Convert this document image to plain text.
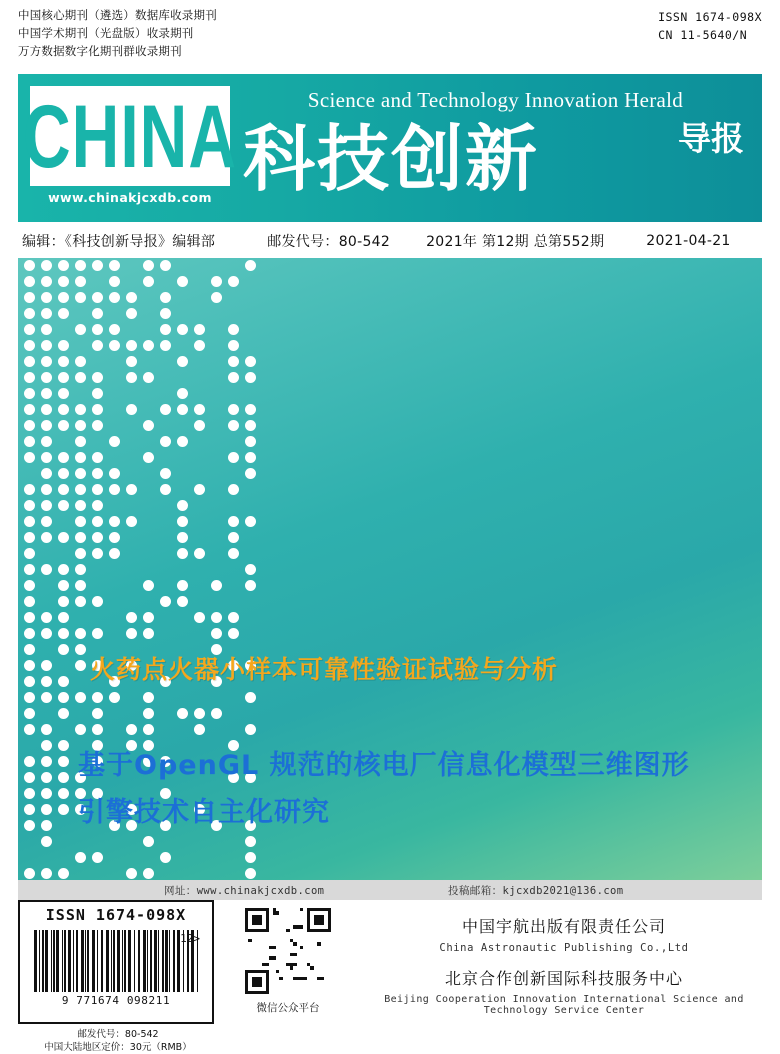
中国核心期刊（遴选）数据库收录期刊
中国学术期刊（光盘版）收录期刊
万方数据数字化期刊群收录期刊
ISSN 1674-098X
CN 11-5640/N
CHINA
www.chinakjcxdb.com
Science and Technology Innovation Herald
科技创新	导报
编辑：《科技创新导报》编辑部	邮发代号：80-542	2021年 第12期 总第552期	2021-04-21
火药点火器小样本可靠性验证试验与分析
基于OpenGL 规范的核电厂信息化模型三维图形引擎技术自主化研究
网址：www.chinakjcxdb.com	投稿邮箱：kjcxdb2021@136.com
ISSN 1674-098X
9 771674 098211
12>
邮发代号：80-542
中国大陆地区定价：30元（RMB）
微信公众平台
中国宇航出版有限责任公司
China Astronautic Publishing Co.,Ltd
北京合作创新国际科技服务中心
Beijing Cooperation Innovation International Science and Technology Service Center
